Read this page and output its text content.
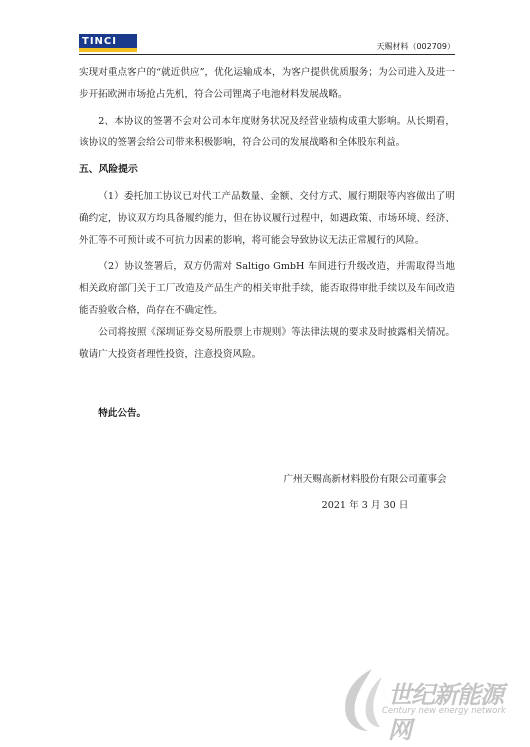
TINCI	天赐材料（002709）

实现对重点客户的“就近供应”，优化运输成本，为客户提供优质服务；为公司进入及进一步开拓欧洲市场抢占先机，符合公司锂离子电池材料发展战略。

2、本协议的签署不会对公司本年度财务状况及经营业绩构成重大影响。从长期看，该协议的签署会给公司带来积极影响，符合公司的发展战略和全体股东利益。

五、风险提示

（1）委托加工协议已对代工产品数量、金额、交付方式、履行期限等内容做出了明确约定，协议双方均具备履约能力，但在协议履行过程中，如遇政策、市场环境、经济、外汇等不可预计或不可抗力因素的影响，将可能会导致协议无法正常履行的风险。

（2）协议签署后，双方仍需对 Saltigo GmbH 车间进行升级改造，并需取得当地相关政府部门关于工厂改造及产品生产的相关审批手续，能否取得审批手续以及车间改造能否验收合格，尚存在不确定性。

公司将按照《深圳证券交易所股票上市规则》等法律法规的要求及时披露相关情况。敬请广大投资者理性投资，注意投资风险。

特此公告。

广州天赐高新材料股份有限公司董事会
2021 年 3 月 30 日
世纪新能源网
Century new energy network
